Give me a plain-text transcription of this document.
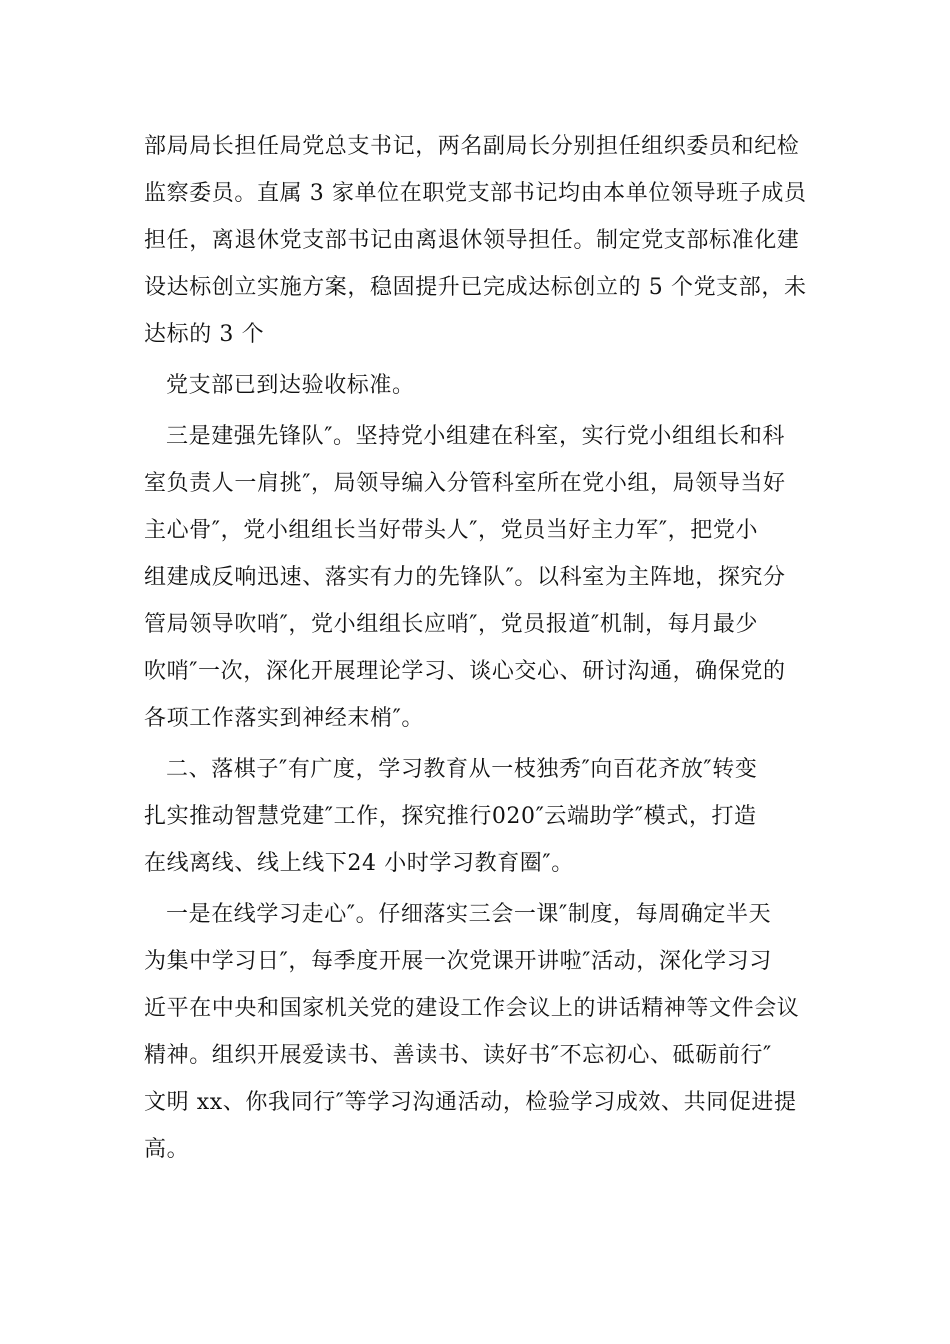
部局局长担任局党总支书记，两名副局长分别担任组织委员和纪检
监察委员。直属 3 家单位在职党支部书记均由本单位领导班子成员
担任，离退休党支部书记由离退休领导担任。制定党支部标准化建
设达标创立实施方案，稳固提升已完成达标创立的 5 个党支部，未
达标的 3 个
党支部已到达验收标准。
三是建强先锋队″。坚持党小组建在科室，实行党小组组长和科
室负责人一肩挑″，局领导编入分管科室所在党小组，局领导当好
主心骨″，党小组组长当好带头人″，党员当好主力军″，把党小
组建成反响迅速、落实有力的先锋队″。以科室为主阵地，探究分
管局领导吹哨″，党小组组长应哨″，党员报道″机制，每月最少
吹哨″一次，深化开展理论学习、谈心交心、研讨沟通，确保党的
各项工作落实到神经末梢″。
二、落棋子″有广度，学习教育从一枝独秀″向百花齐放″转变
扎实推动智慧党建″工作，探究推行020″云端助学″模式，打造
在线离线、线上线下24 小时学习教育圈″。
一是在线学习走心″。仔细落实三会一课″制度，每周确定半天
为集中学习日″，每季度开展一次党课开讲啦″活动，深化学习习
近平在中央和国家机关党的建设工作会议上的讲话精神等文件会议
精神。组织开展爱读书、善读书、读好书″不忘初心、砥砺前行″
文明 xx、你我同行″等学习沟通活动，检验学习成效、共同促进提
高。
